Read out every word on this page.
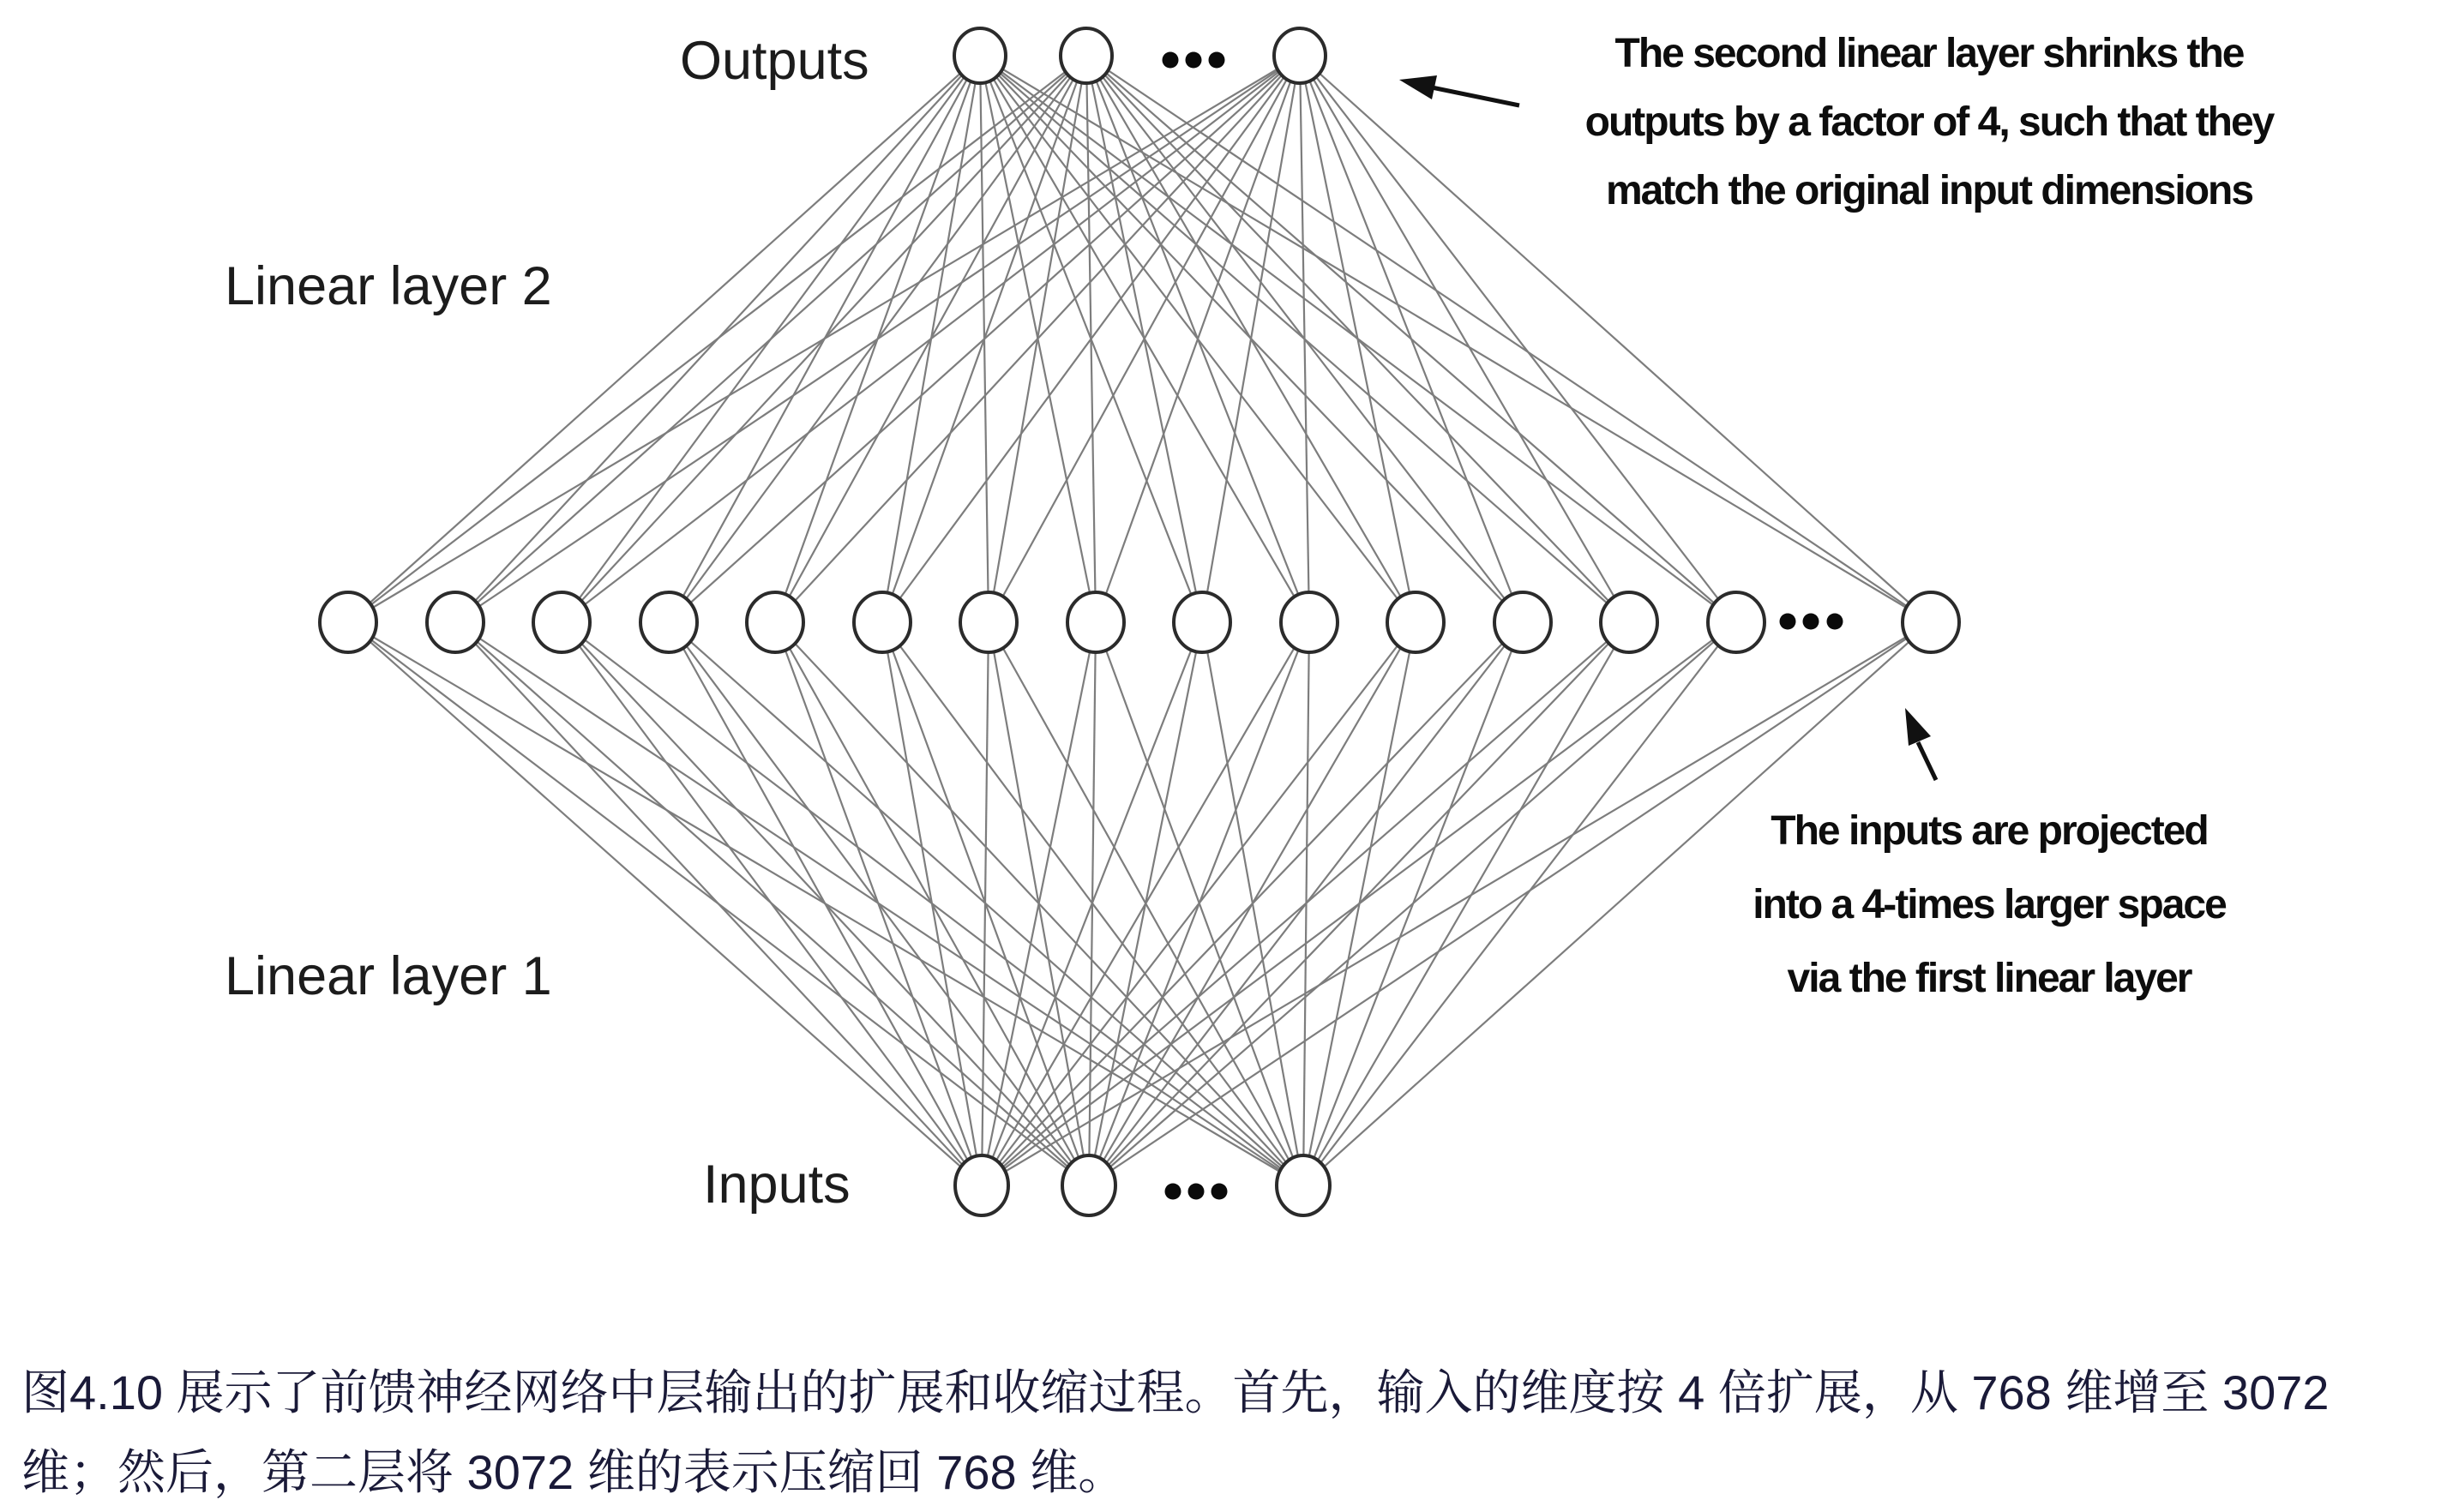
Outputs
Inputs
Linear layer 2
Linear layer 1
The second linear layer shrinks the
outputs by a factor of 4, such that they
match the original input dimensions
The inputs are projected
into a 4-times larger space
via the first linear layer
图4.10 展示了前馈神经网络中层输出的扩展和收缩过程。首先，输入的维度按 4 倍扩展，从 768 维增至 3072
维；然后，第二层将 3072 维的表示压缩回 768 维。
